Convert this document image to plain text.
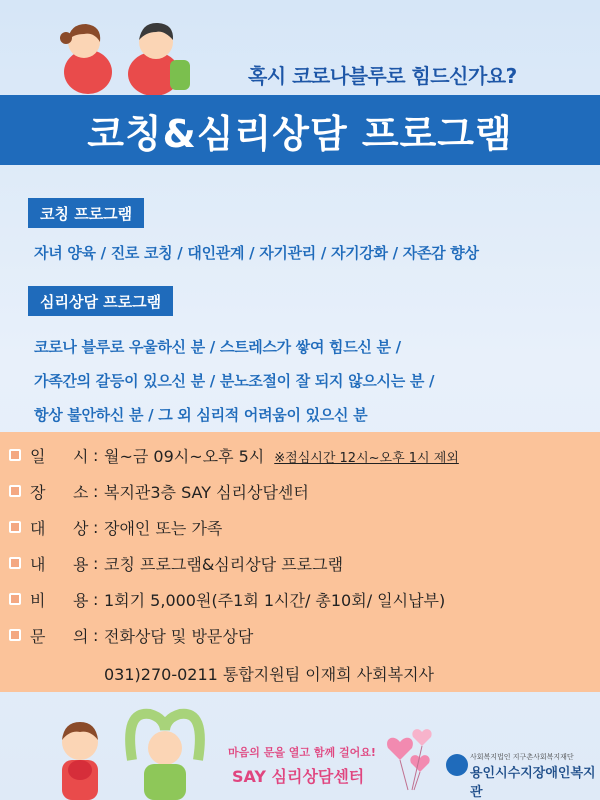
혹시 코로나블루로 힘드신가요?
코칭&심리상담 프로그램
코칭 프로그램
자녀 양육 / 진로 코칭 / 대인관계 / 자기관리 / 자기강화 / 자존감 향상
심리상담 프로그램
코로나 블루로 우울하신 분 / 스트레스가 쌓여 힘드신 분 /
가족간의 갈등이 있으신 분 / 분노조절이 잘 되지 않으시는 분 /
항상 불안하신 분 / 그 외 심리적 어려움이 있으신 분
일 시 : 월~금 09시~오후 5시 ※점심시간 12시~오후 1시 제외
장 소 : 복지관3층 SAY 심리상담센터
대 상 : 장애인 또는 가족
내 용 : 코칭 프로그램&심리상담 프로그램
비 용 : 1회기 5,000원(주1회 1시간/ 총10회/ 일시납부)
문 의 : 전화상담 및 방문상담
031)270-0211 통합지원팀 이재희 사회복지사
마음의 문을 열고 함께 걸어요!
SAY 심리상담센터
사회복지법인 지구촌사회복지재단
용인시수지장애인복지관
